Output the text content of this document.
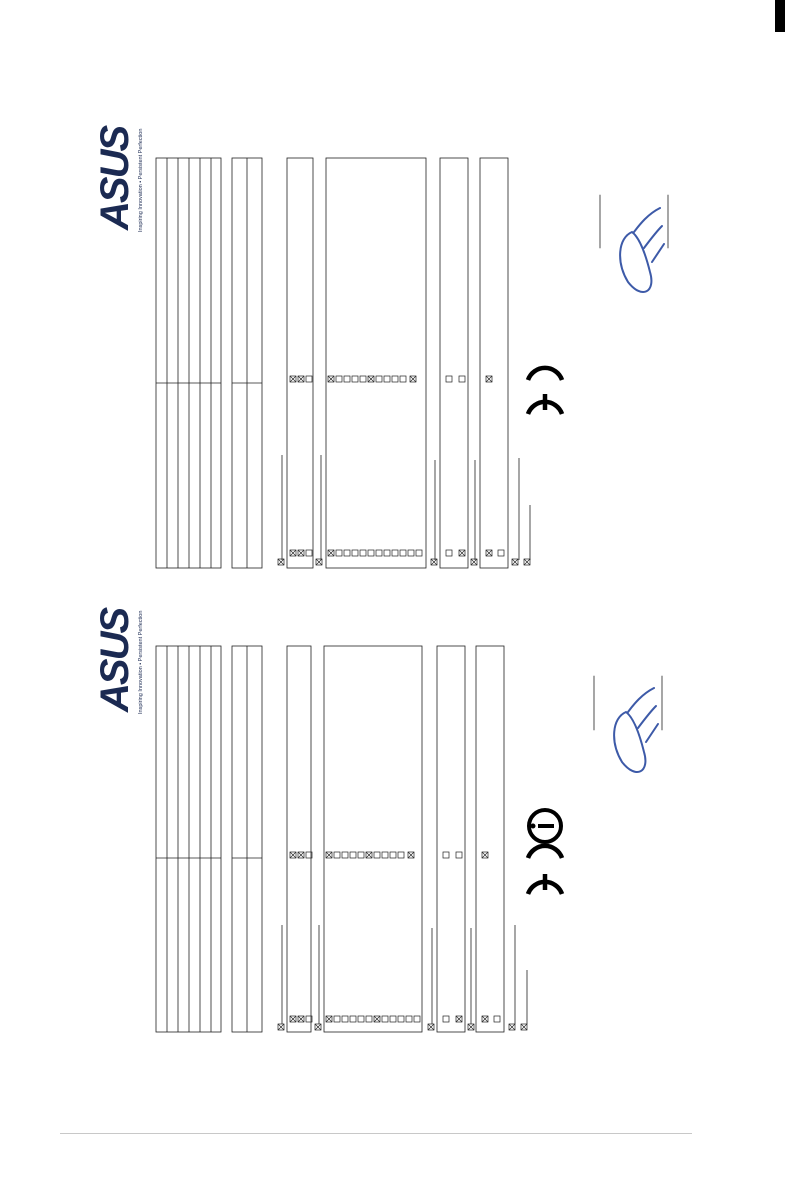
ASUS Inspiring Innovation • Persistent Perfection
ASUS Inspiring Innovation • Persistent Perfection
